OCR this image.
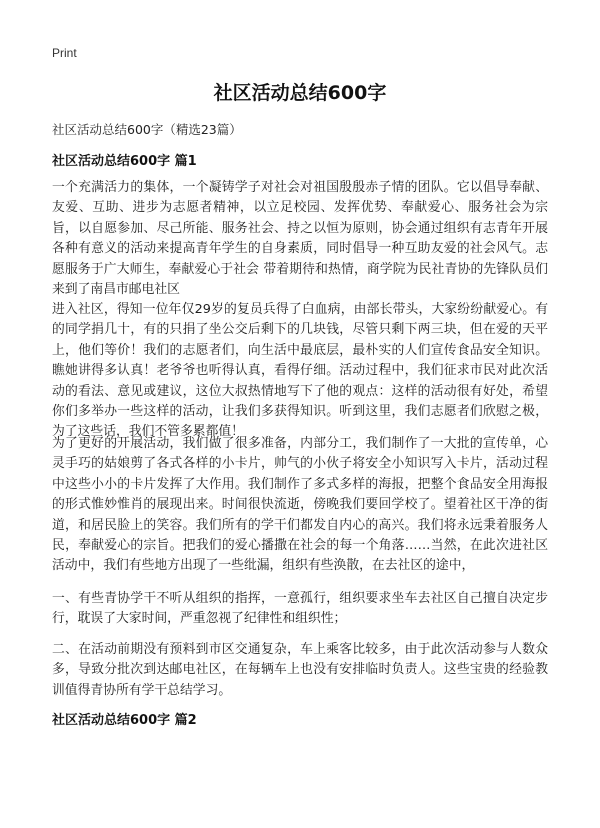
Print
社区活动总结600字
社区活动总结600字（精选23篇）
社区活动总结600字 篇1

一个充满活力的集体，一个凝铸学子对社会对祖国殷殷赤子情的团队。它以倡导奉献、友爱、互助、进步为志愿者精神，以立足校园、发挥优势、奉献爱心、服务社会为宗旨，以自愿参加、尽己所能、服务社会、持之以恒为原则，协会通过组织有志青年开展各种有意义的活动来提高青年学生的自身素质，同时倡导一种互助友爱的社会风气。志愿服务于广大师生，奉献爱心于社会 带着期待和热情，商学院为民社青协的先锋队员们来到了南昌市邮电社区

进入社区，得知一位年仅29岁的复员兵得了白血病，由部长带头，大家纷纷献爱心。有的同学捐几十，有的只捐了坐公交后剩下的几块钱，尽管只剩下两三块，但在爱的天平上，他们等价！我们的志愿者们，向生活中最底层，最朴实的人们宣传食品安全知识。瞧她讲得多认真！老爷爷也听得认真，看得仔细。活动过程中，我们征求市民对此次活动的看法、意见或建议，这位大叔热情地写下了他的观点：这样的活动很有好处，希望你们多举办一些这样的活动，让我们多获得知识。听到这里，我们志愿者们欣慰之极，为了这些话，我们不管多累都值！

为了更好的开展活动，我们做了很多准备，内部分工，我们制作了一大批的宣传单，心灵手巧的姑娘剪了各式各样的小卡片，帅气的小伙子将安全小知识写入卡片，活动过程中这些小小的卡片发挥了大作用。我们制作了多式多样的海报，把整个食品安全用海报的形式惟妙惟肖的展现出来。时间很快流逝，傍晚我们要回学校了。望着社区干净的街道，和居民脸上的笑容。我们所有的学干们都发自内心的高兴。我们将永远秉着服务人民，奉献爱心的宗旨。把我们的爱心播撒在社会的每一个角落……当然，在此次进社区活动中，我们有些地方出现了一些纰漏，组织有些涣散，在去社区的途中，

一、有些青协学干不听从组织的指挥，一意孤行，组织要求坐车去社区自己擅自决定步行，耽误了大家时间，严重忽视了纪律性和组织性；

二、在活动前期没有预料到市区交通复杂，车上乘客比较多，由于此次活动参与人数众多，导致分批次到达邮电社区，在每辆车上也没有安排临时负责人。这些宝贵的经验教训值得青协所有学干总结学习。

社区活动总结600字 篇2
